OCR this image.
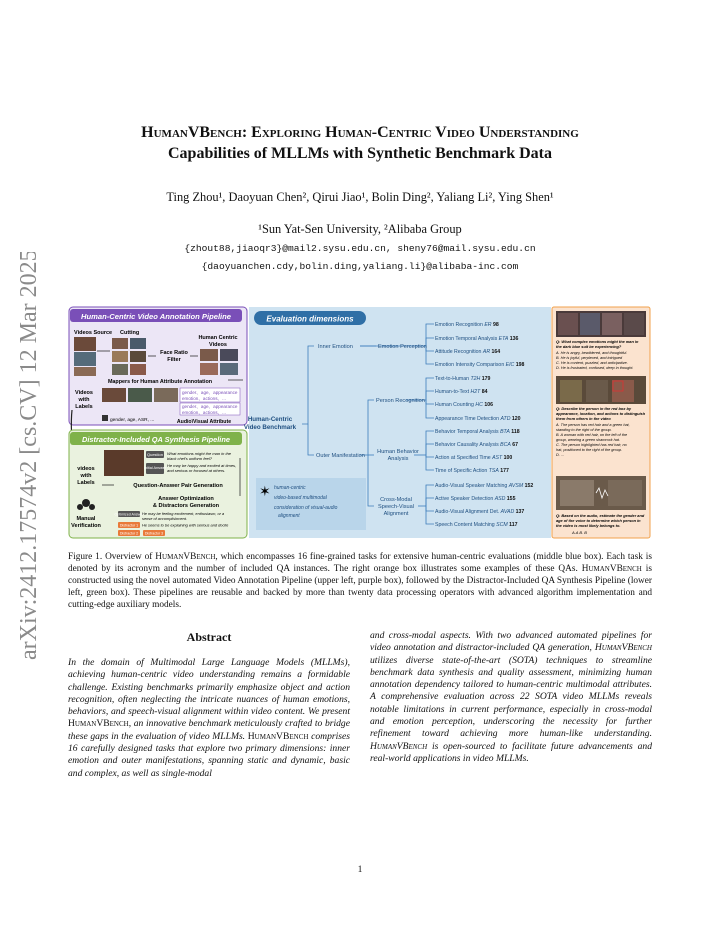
arXiv:2412.17574v2 [cs.CV] 12 Mar 2025
HumanVBench: Exploring Human-Centric Video Understanding
Capabilities of MLLMs with Synthetic Benchmark Data
Ting Zhou¹, Daoyuan Chen², Qirui Jiao¹, Bolin Ding², Yaliang Li², Ying Shen¹
¹Sun Yat-Sen University, ²Alibaba Group
{zhout88,jiaoqr3}@mail2.sysu.edu.cn, sheny76@mail.sysu.edu.cn
{daoyuanchen.cdy,bolin.ding,yaliang.li}@alibaba-inc.com
Human-Centric Video Annotation Pipeline
Videos Source Cutting
Face Ratio
Filter
Human Centric
Videos
Mappers for Human Attribute Annotation
Videos
with
Labels
gender、age、appearance
emotion、actions、...
gender、age、appearance
emotion、actions、...
gender, age, ASR, ...	Audio\Visual Attribute
Distractor-Included QA Synthesis Pipeline
videos
with
Labels
Question What emotions might the man in the
black chef's uniform feel?
Initial Answer He may be happy and excited at times,
and serious or focused at others.
Question-Answer Pair Generation
Answer Optimization
& Distractors Generation
Manual
Verification
Optimized Answer
He may be feeling excitement, enthusiasm, or a
sense of accomplishment.
Distractor 1 He seems to be explaining with serious and docile
Distractor 2 Distractor 3
Evaluation dimensions
Human-Centric
Video Benchmark
Inner Emotion
Outer Manifestation
Emotion Perception
Person Recognition
Human Behavior
Analysis
Cross-Modal
Speech-Visual
Alignment
Emotion Recognition ER 98
Emotion Temporal Analysis ETA 136
Attitude Recognition AR 164
Emotion Intensity Comparison EIC 198
Text-to-Human T2H 179
Human-to-Text H2T 84
Human Counting HC 106
Appearance Time Detection ATD 120
Behavior Temporal Analysis BTA 118
Behavior Causality Analysis BCA 67
Action at Specified Time AST 100
Time of Specific Action TSA 177
Audio-Visual Speaker Matching AVSM 152
Active Speaker Detection ASD 155
Audio-Visual Alignment Det. AVAD 137
Speech Content Matching SCM 117
✶ human-centric
video-based multimodal
consideration of visual-audio
alignment
Q: What complex emotions might the man in
the dark blue suit be experiencing?
A. He is angry, bewildered, and thoughtful.
B. He is joyful, perplexed, and intrigued
C. He is content, puzzled, and anticipative.
D. He is frustrated, confused, deep in thought.
Q: Describe the person in the red box by
appearance, location, and actions to distinguish
them from others in the video
A. The person has red hair and a green hat,
standing to the right of the group.
B. A woman with red hair, on the left of the
group, wearing a green shamrock hat.
C. The person highlighted has red hair, no
hat, positioned to the right of the group.
D. ...
Q: Based on the audio, estimate the gender and
age of the voice to determine which person in
the video is most likely belongs to.
A.A B. B
Figure 1. Overview of HumanVBench, which encompasses 16 fine-grained tasks for extensive human-centric evaluations (middle blue box). Each task is denoted by its acronym and the number of included QA instances. The right orange box illustrates some examples of these QAs. HumanVBench is constructed using the novel automated Video Annotation Pipeline (upper left, purple box), followed by the Distractor-Included QA Synthesis Pipeline (lower left, green box). These pipelines are reusable and backed by more than twenty data processing operators with advanced algorithm implementation and cutting-edge auxiliary models.
Abstract
In the domain of Multimodal Large Language Models (MLLMs), achieving human-centric video understanding remains a formidable challenge. Existing benchmarks primarily emphasize object and action recognition, often neglecting the intricate nuances of human emotions, behaviors, and speech-visual alignment within video content. We present HumanVBench, an innovative benchmark meticulously crafted to bridge these gaps in the evaluation of video MLLMs. HumanVBench comprises 16 carefully designed tasks that explore two primary dimensions: inner emotion and outer manifestations, spanning static and dynamic, basic and complex, as well as single-modal
and cross-modal aspects. With two advanced automated pipelines for video annotation and distractor-included QA generation, HumanVBench utilizes diverse state-of-the-art (SOTA) techniques to streamline benchmark data synthesis and quality assessment, minimizing human annotation dependency tailored to human-centric multimodal attributes. A comprehensive evaluation across 22 SOTA video MLLMs reveals notable limitations in current performance, especially in cross-modal and emotion perception, underscoring the necessity for further refinement toward achieving more human-like understanding. HumanVBench is open-sourced to facilitate future advancements and real-world applications in video MLLMs.
1
